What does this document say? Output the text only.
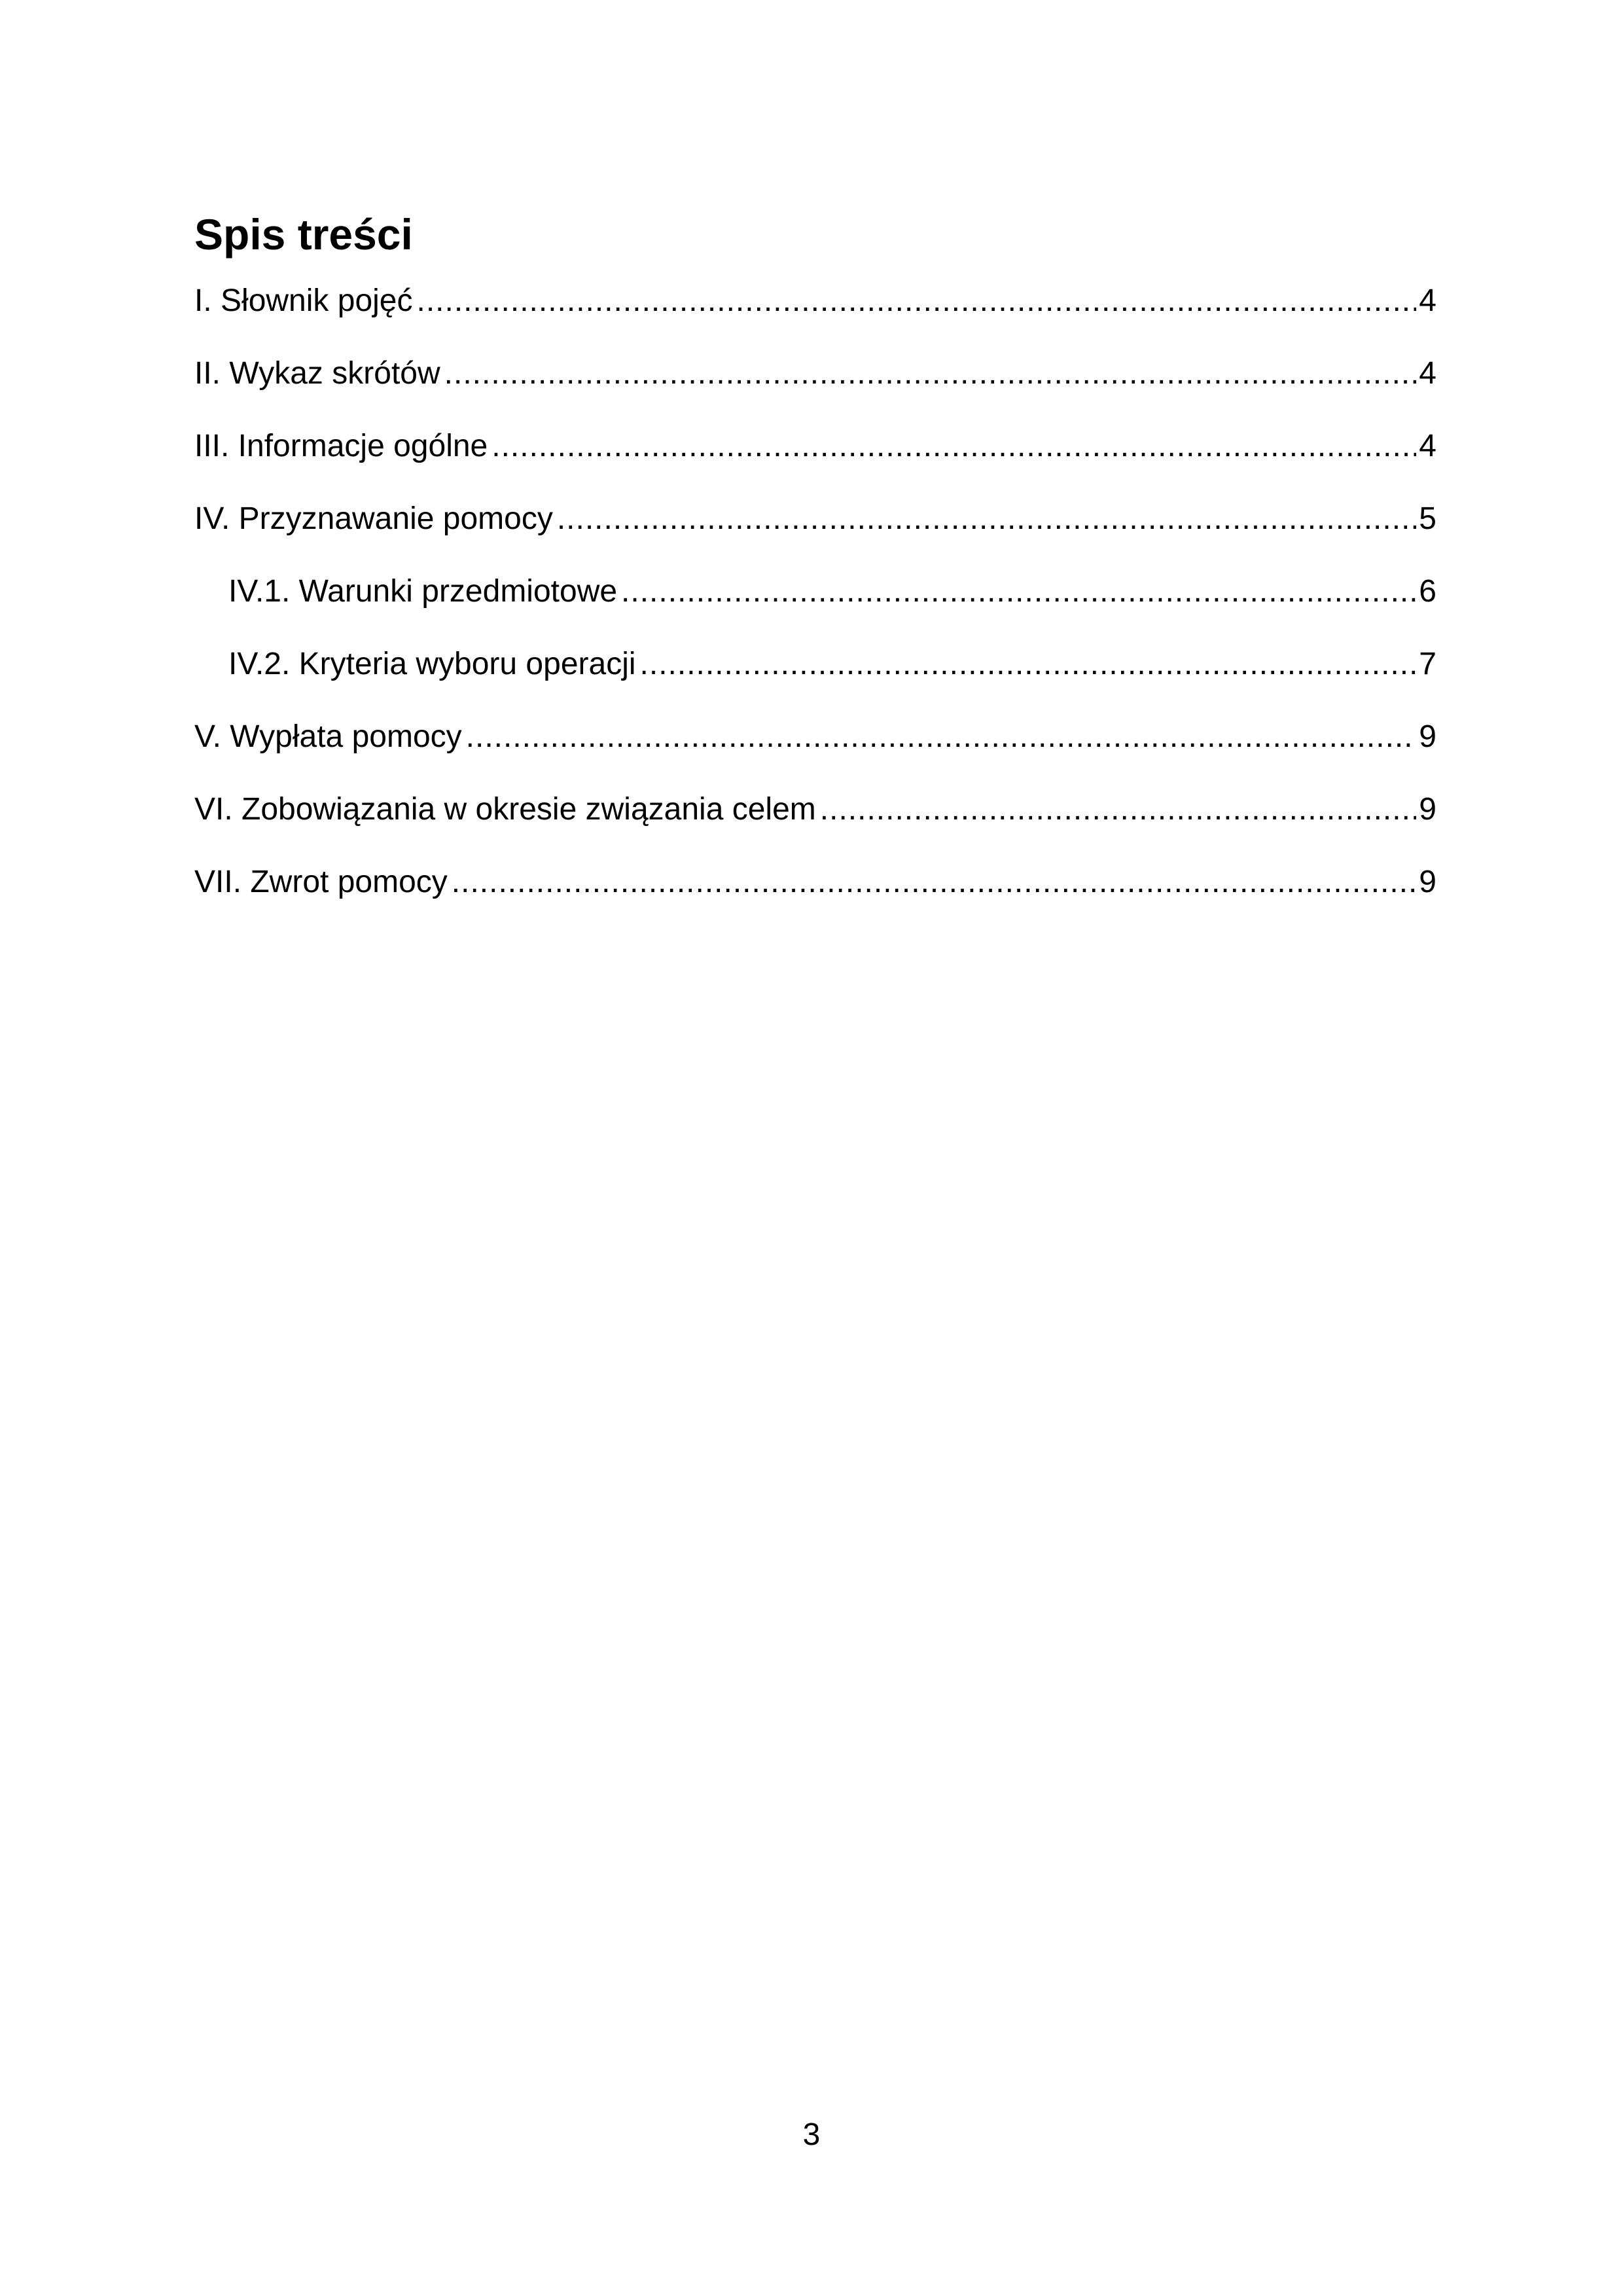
Spis treści
I. Słownik pojęć .....	4
II. Wykaz skrótów .....	4
III. Informacje ogólne .....	4
IV. Przyznawanie pomocy .....	5
IV.1. Warunki przedmiotowe .....	6
IV.2. Kryteria wyboru operacji .....	7
V. Wypłata pomocy .....	9
VI. Zobowiązania w okresie związania celem .....	9
VII. Zwrot pomocy .....	9
3
